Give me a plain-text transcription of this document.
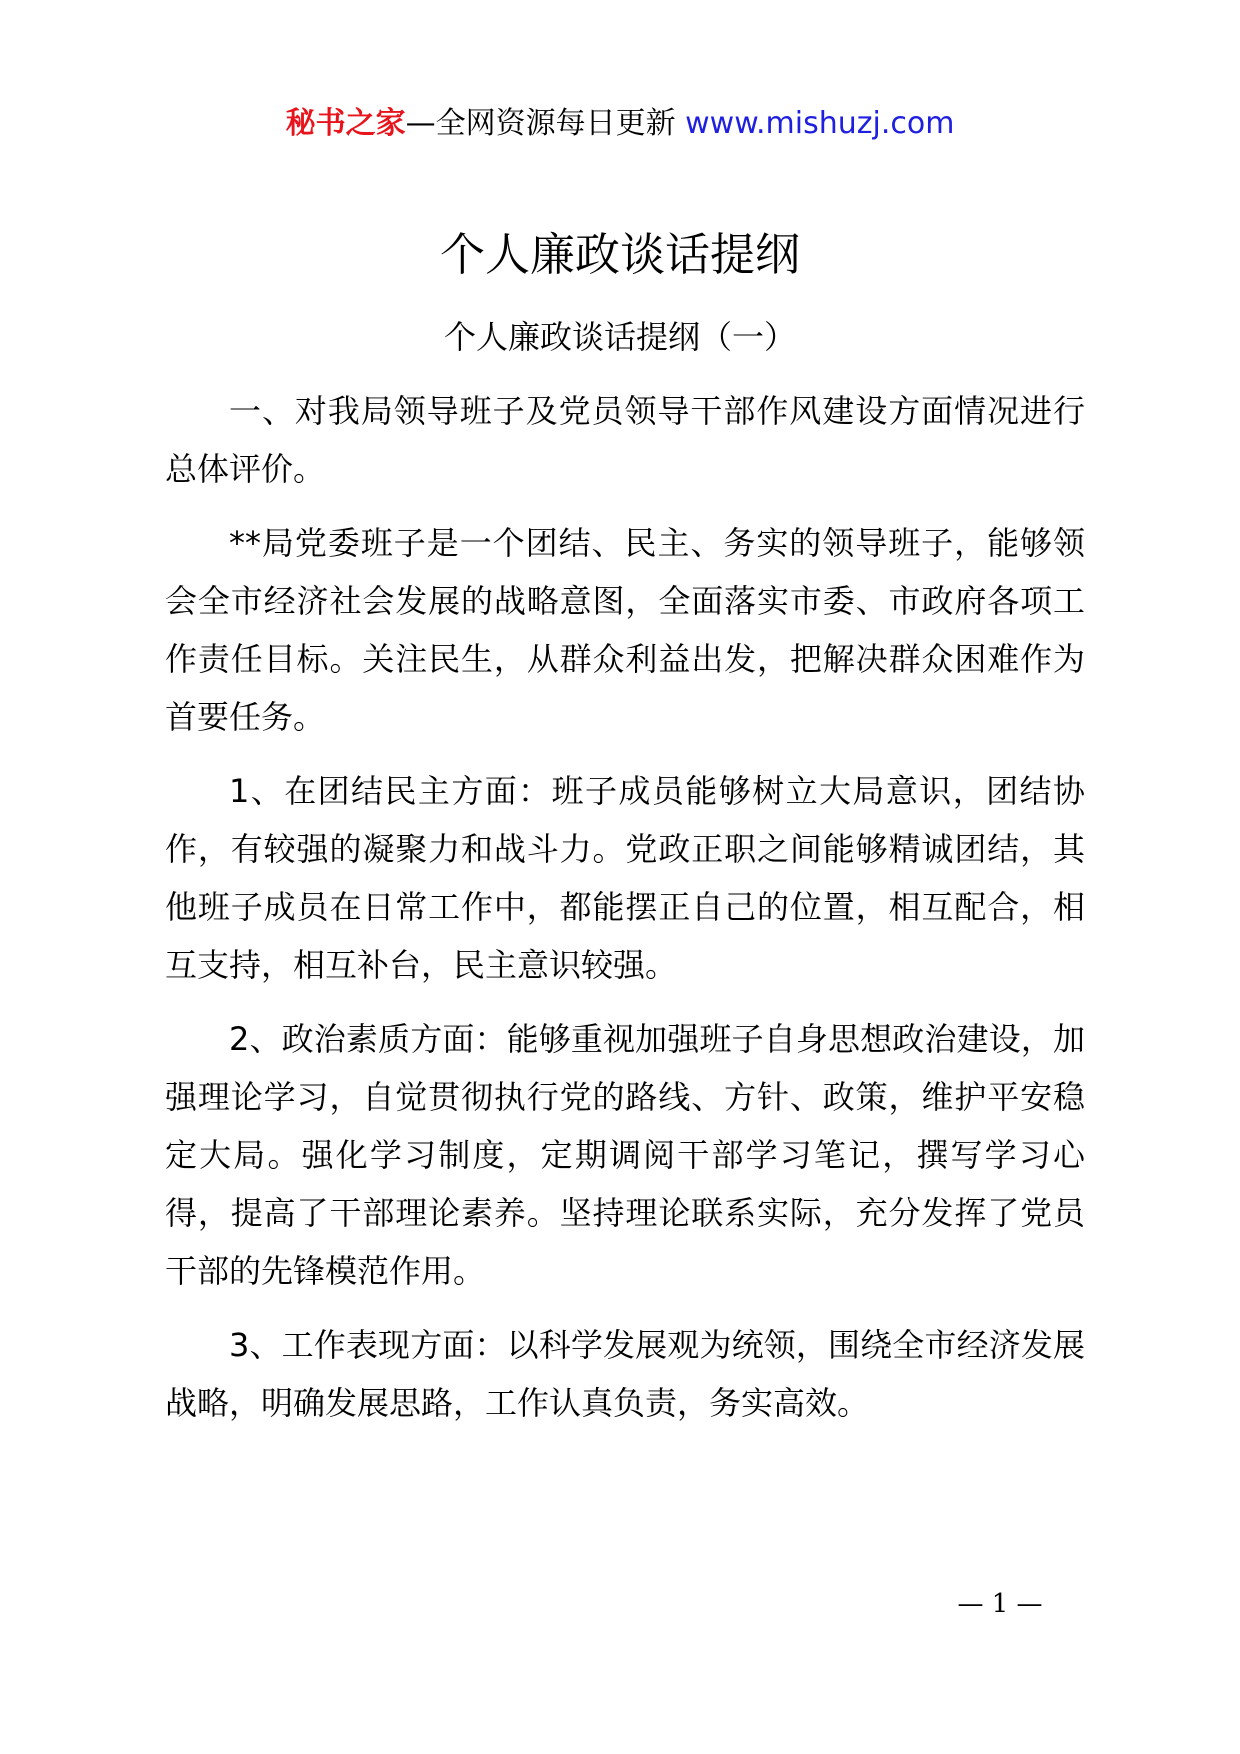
秘书之家—全网资源每日更新 www.mishuzj.com
个人廉政谈话提纲
个人廉政谈话提纲（一）

一、对我局领导班子及党员领导干部作风建设方面情况进行总体评价。

**局党委班子是一个团结、民主、务实的领导班子，能够领会全市经济社会发展的战略意图，全面落实市委、市政府各项工作责任目标。关注民生，从群众利益出发，把解决群众困难作为首要任务。

1、在团结民主方面：班子成员能够树立大局意识，团结协作，有较强的凝聚力和战斗力。党政正职之间能够精诚团结，其他班子成员在日常工作中，都能摆正自己的位置，相互配合，相互支持，相互补台，民主意识较强。

2、政治素质方面：能够重视加强班子自身思想政治建设，加强理论学习，自觉贯彻执行党的路线、方针、政策，维护平安稳定大局。强化学习制度，定期调阅干部学习笔记，撰写学习心得，提高了干部理论素养。坚持理论联系实际，充分发挥了党员干部的先锋模范作用。

3、工作表现方面：以科学发展观为统领，围绕全市经济发展战略，明确发展思路，工作认真负责，务实高效。

— 1 —
